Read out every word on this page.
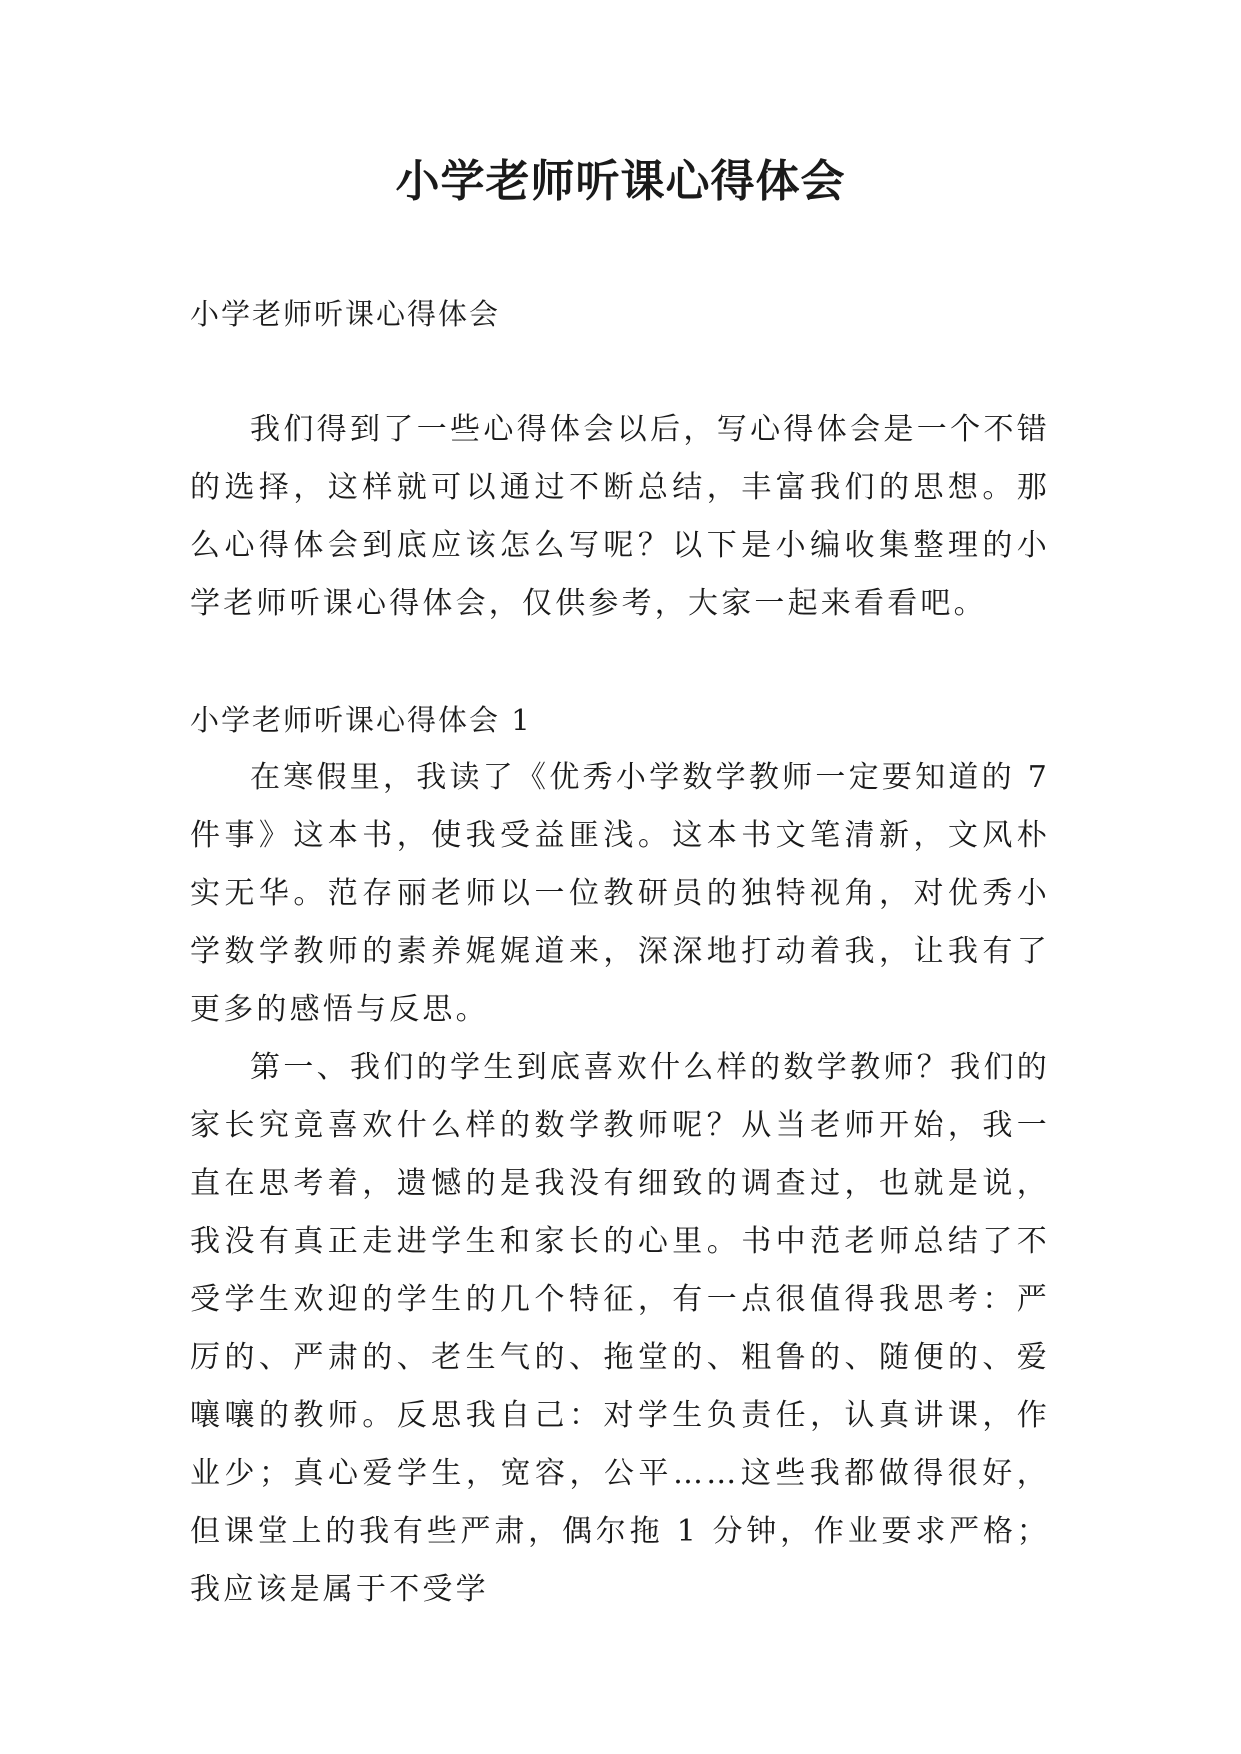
小学老师听课心得体会

小学老师听课心得体会

我们得到了一些心得体会以后，写心得体会是一个不错的选择，这样就可以通过不断总结，丰富我们的思想。那么心得体会到底应该怎么写呢？以下是小编收集整理的小学老师听课心得体会，仅供参考，大家一起来看看吧。

小学老师听课心得体会 1

在寒假里，我读了《优秀小学数学教师一定要知道的 7 件事》这本书，使我受益匪浅。这本书文笔清新，文风朴实无华。范存丽老师以一位教研员的独特视角，对优秀小学数学教师的素养娓娓道来，深深地打动着我，让我有了更多的感悟与反思。

第一、我们的学生到底喜欢什么样的数学教师？我们的家长究竟喜欢什么样的数学教师呢？从当老师开始，我一直在思考着，遗憾的是我没有细致的调查过，也就是说，我没有真正走进学生和家长的心里。书中范老师总结了不受学生欢迎的学生的几个特征，有一点很值得我思考：严厉的、严肃的、老生气的、拖堂的、粗鲁的、随便的、爱嚷嚷的教师。反思我自己：对学生负责任，认真讲课，作业少；真心爱学生，宽容，公平……这些我都做得很好，但课堂上的我有些严肃，偶尔拖 1 分钟，作业要求严格；我应该是属于不受学
